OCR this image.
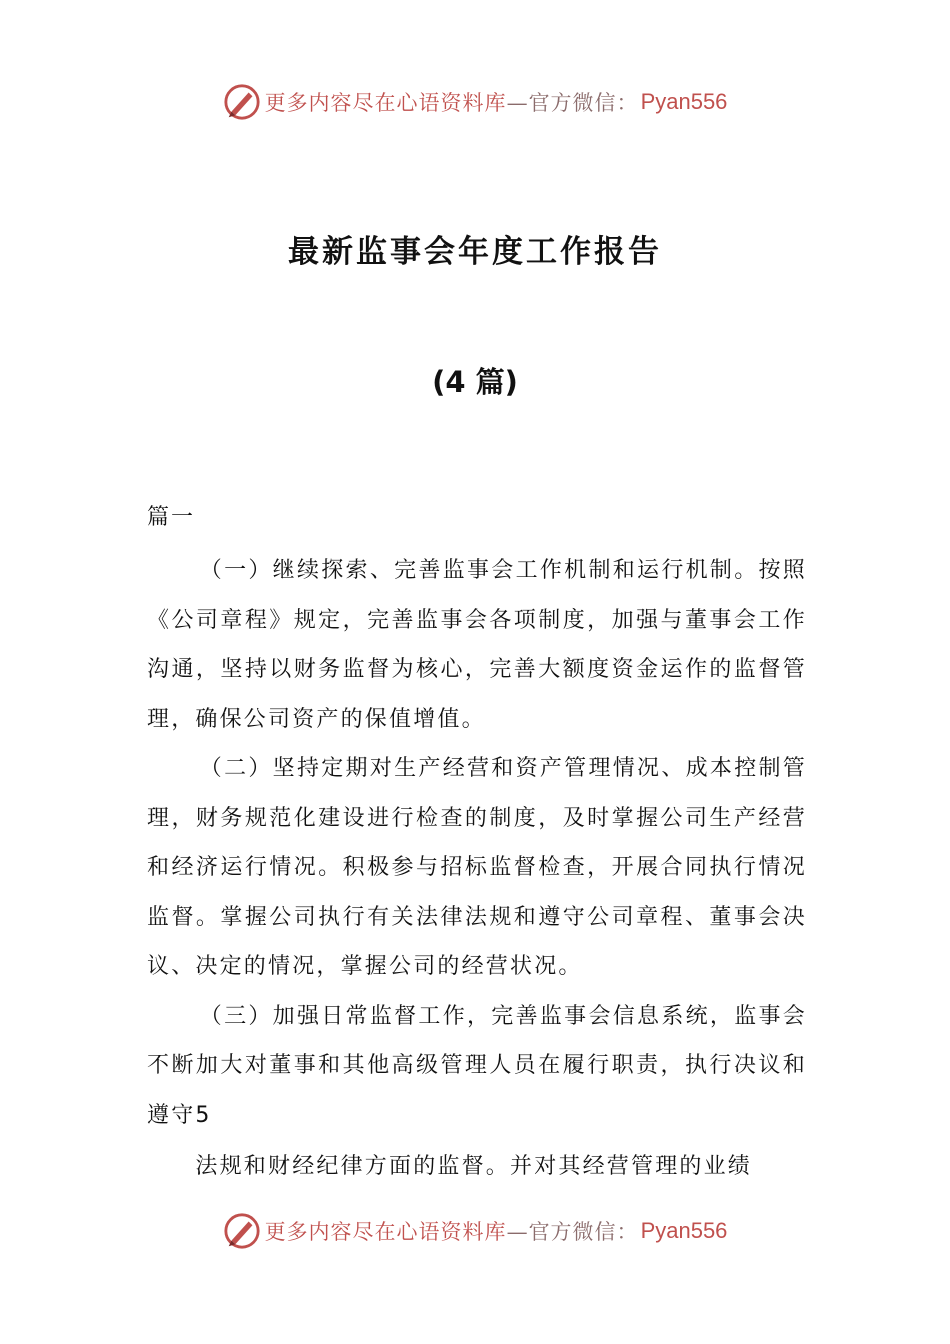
更多内容尽在心语资料库 —官方微信： Pyan556
最新监事会年度工作报告
(4 篇)
篇一

（一）继续探索、完善监事会工作机制和运行机制。按照《公司章程》规定，完善监事会各项制度，加强与董事会工作沟通，坚持以财务监督为核心，完善大额度资金运作的监督管理，确保公司资产的保值增值。

（二）坚持定期对生产经营和资产管理情况、成本控制管理，财务规范化建设进行检查的制度，及时掌握公司生产经营和经济运行情况。积极参与招标监督检查，开展合同执行情况监督。掌握公司执行有关法律法规和遵守公司章程、董事会决议、决定的情况，掌握公司的经营状况。

（三）加强日常监督工作，完善监事会信息系统，监事会不断加大对董事和其他高级管理人员在履行职责，执行决议和遵守5

法规和财经纪律方面的监督。并对其经营管理的业绩

更多内容尽在心语资料库 —官方微信： Pyan556
